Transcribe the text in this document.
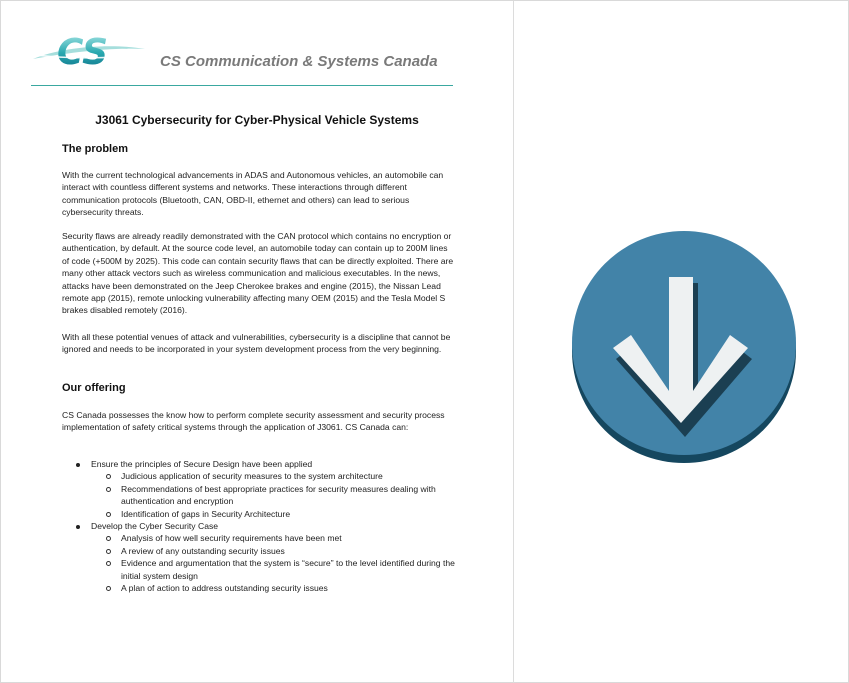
CS	CS Communication & Systems Canada
J3061 Cybersecurity for Cyber-Physical Vehicle Systems
The problem
With the current technological advancements in ADAS and Autonomous vehicles, an automobile can interact with countless different systems and networks. These interactions through different communication protocols (Bluetooth, CAN, OBD-II, ethernet and others) can lead to serious cybersecurity threats.
Security flaws are already readily demonstrated with the CAN protocol which contains no encryption or authentication, by default. At the source code level, an automobile today can contain up to 200M lines of code (+500M by 2025). This code can contain security flaws that can be directly exploited. There are many other attack vectors such as wireless communication and malicious executables. In the news, attacks have been demonstrated on the Jeep Cherokee brakes and engine (2015), the Nissan Lead remote app (2015), remote unlocking vulnerability affecting many OEM (2015) and the Tesla Model S brakes disabled remotely (2016).
With all these potential venues of attack and vulnerabilities, cybersecurity is a discipline that cannot be ignored and needs to be incorporated in your system development process from the very beginning.
Our offering
CS Canada possesses the know how to perform complete security assessment and security process implementation of safety critical systems through the application of J3061. CS Canada can:
Ensure the principles of Secure Design have been applied
Judicious application of security measures to the system architecture
Recommendations of best appropriate practices for security measures dealing with authentication and encryption
Identification of gaps in Security Architecture
Develop the Cyber Security Case
Analysis of how well security requirements have been met
A review of any outstanding security issues
Evidence and argumentation that the system is “secure” to the level identified during the initial system design
A plan of action to address outstanding security issues
